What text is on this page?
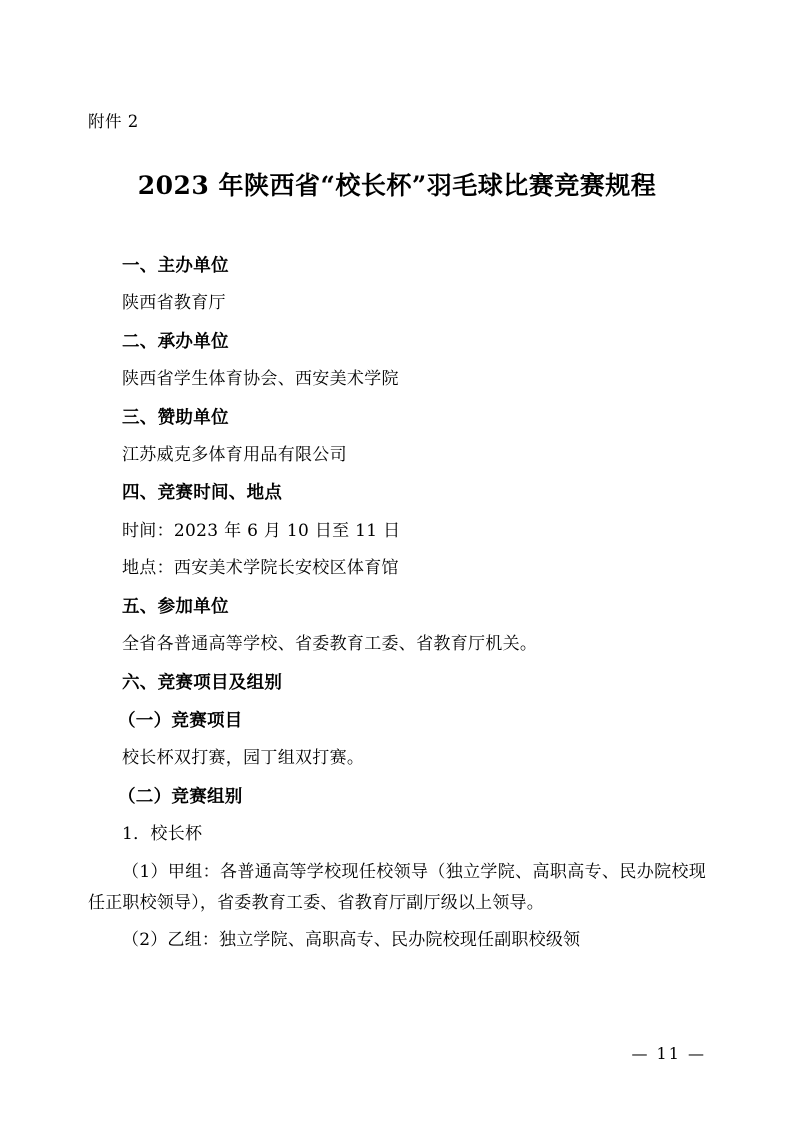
附件 2
2023 年陕西省“校长杯”羽毛球比赛竞赛规程
一、主办单位
陕西省教育厅
二、承办单位
陕西省学生体育协会、西安美术学院
三、赞助单位
江苏威克多体育用品有限公司
四、竞赛时间、地点
时间：2023 年 6 月 10 日至 11 日
地点：西安美术学院长安校区体育馆
五、参加单位
全省各普通高等学校、省委教育工委、省教育厅机关。
六、竞赛项目及组别
（一）竞赛项目
校长杯双打赛，园丁组双打赛。
（二）竞赛组别
1．校长杯
（1）甲组：各普通高等学校现任校领导（独立学院、高职高专、民办院校现任正职校领导），省委教育工委、省教育厅副厅级以上领导。
（2）乙组：独立学院、高职高专、民办院校现任副职校级领
— 11 —
